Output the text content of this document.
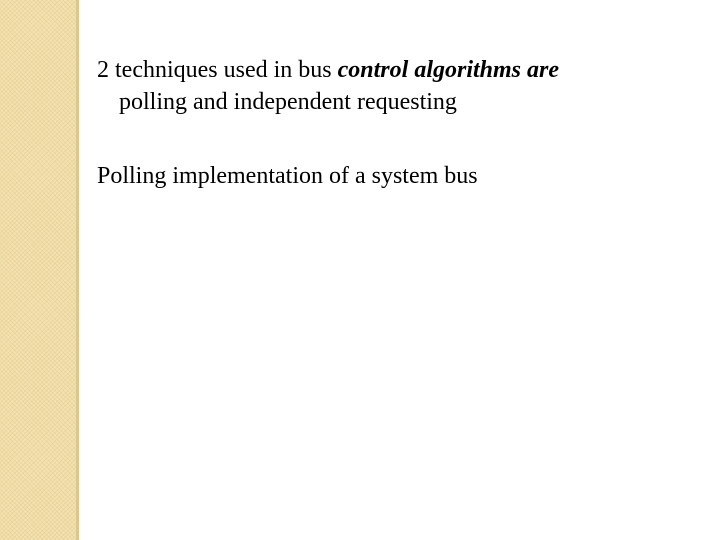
2 techniques used in bus control algorithms are
polling and independent requesting

Polling implementation of a system bus
